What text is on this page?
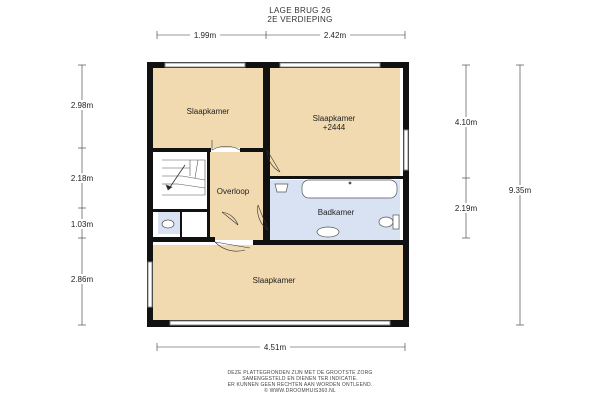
LAGE BRUG 26
2E VERDIEPING
Slaapkamer
Slaapkamer
+2444
Overloop
Badkamer
Slaapkamer
1.99m	2.42m
4.51m
2.98m
2.18m
1.03m
2.86m
4.10m
2.19m
9.35m
DEZE PLATTEGRONDEN ZIJN MET DE GROOTSTE ZORG
SAMENGESTELD EN DIENEN TER INDICATIE.
ER KUNNEN GEEN RECHTEN AAN WORDEN ONTLEEND.
© WWW.DROOMHUIS360.NL
